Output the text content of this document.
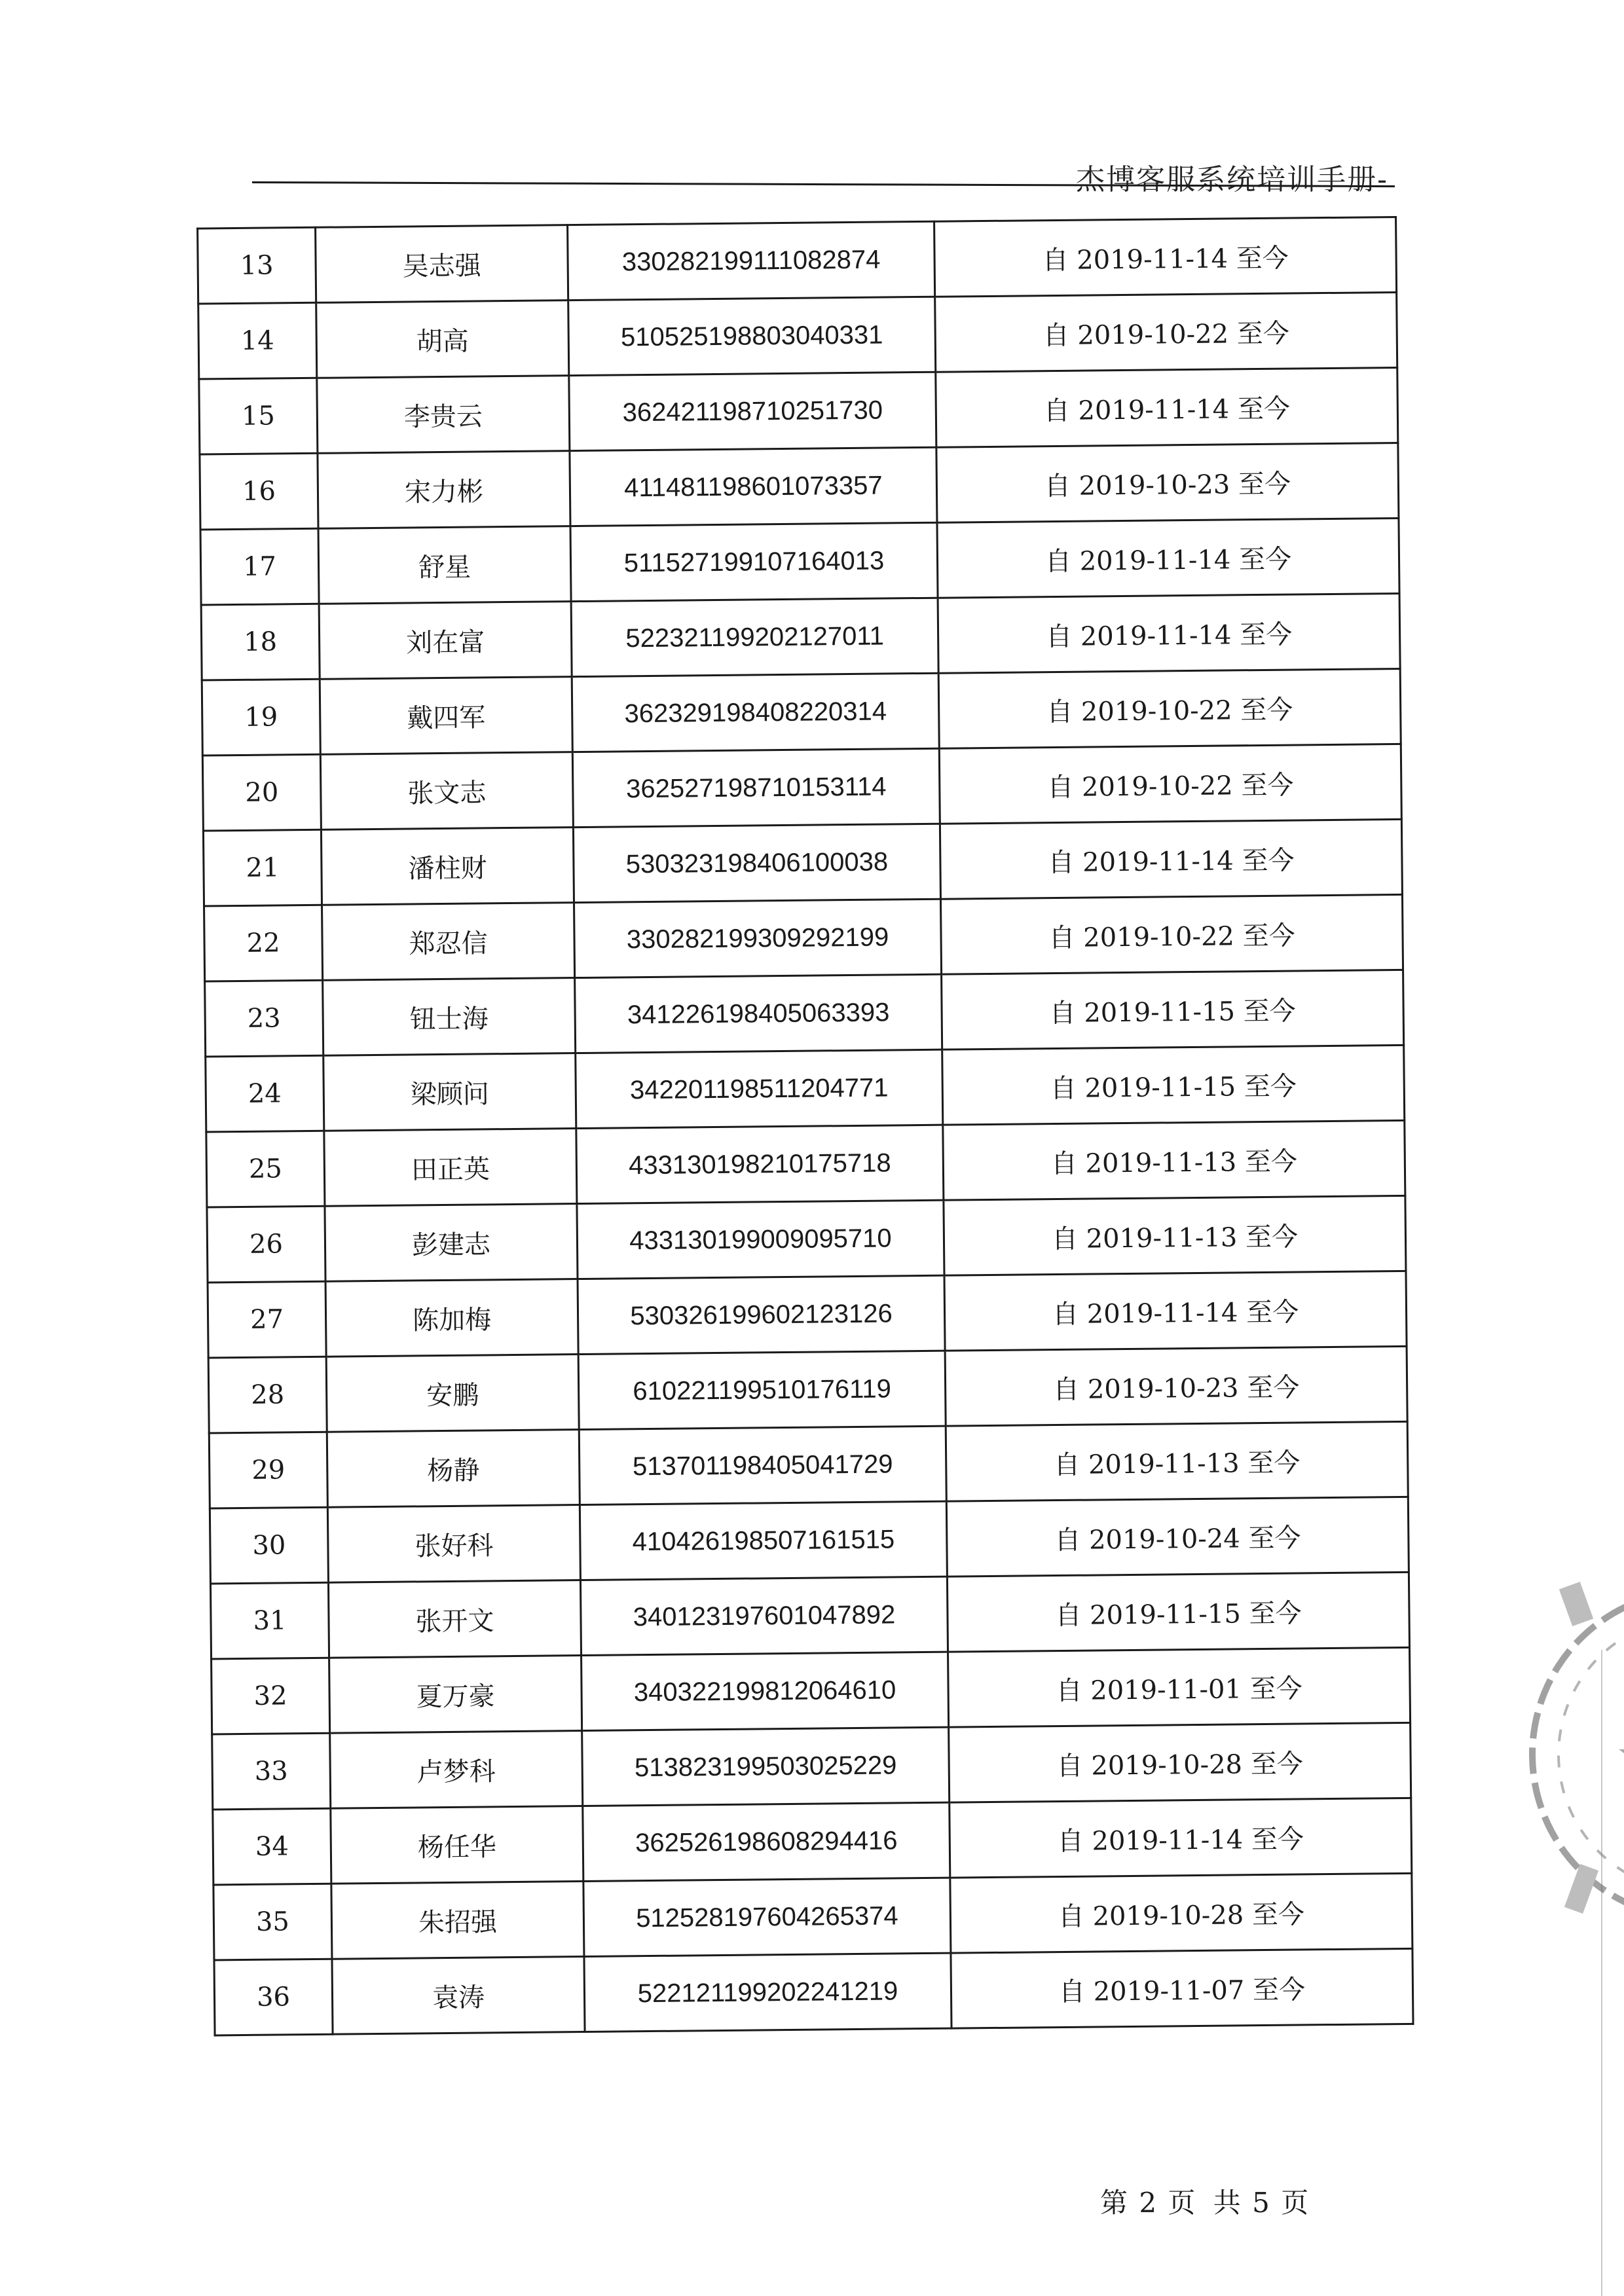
杰博客服系统培训手册-
13	吴志强	330282199111082874	自 2019-11-14 至今
14	胡高	510525198803040331	自 2019-10-22 至今
15	李贵云	362421198710251730	自 2019-11-14 至今
16	宋力彬	411481198601073357	自 2019-10-23 至今
17	舒星	511527199107164013	自 2019-11-14 至今
18	刘在富	522321199202127011	自 2019-11-14 至今
19	戴四军	362329198408220314	自 2019-10-22 至今
20	张文志	362527198710153114	自 2019-10-22 至今
21	潘柱财	530323198406100038	自 2019-11-14 至今
22	郑忍信	330282199309292199	自 2019-10-22 至今
23	钮士海	341226198405063393	自 2019-11-15 至今
24	梁顾问	342201198511204771	自 2019-11-15 至今
25	田正英	433130198210175718	自 2019-11-13 至今
26	彭建志	433130199009095710	自 2019-11-13 至今
27	陈加梅	530326199602123126	自 2019-11-14 至今
28	安鹏	610221199510176119	自 2019-10-23 至今
29	杨静	513701198405041729	自 2019-11-13 至今
30	张好科	410426198507161515	自 2019-10-24 至今
31	张开文	340123197601047892	自 2019-11-15 至今
32	夏万豪	340322199812064610	自 2019-11-01 至今
33	卢梦科	513823199503025229	自 2019-10-28 至今
34	杨任华	362526198608294416	自 2019-11-14 至今
35	朱招强	512528197604265374	自 2019-10-28 至今
36	袁涛	522121199202241219	自 2019-11-07 至今
第 2 页 共 5 页
